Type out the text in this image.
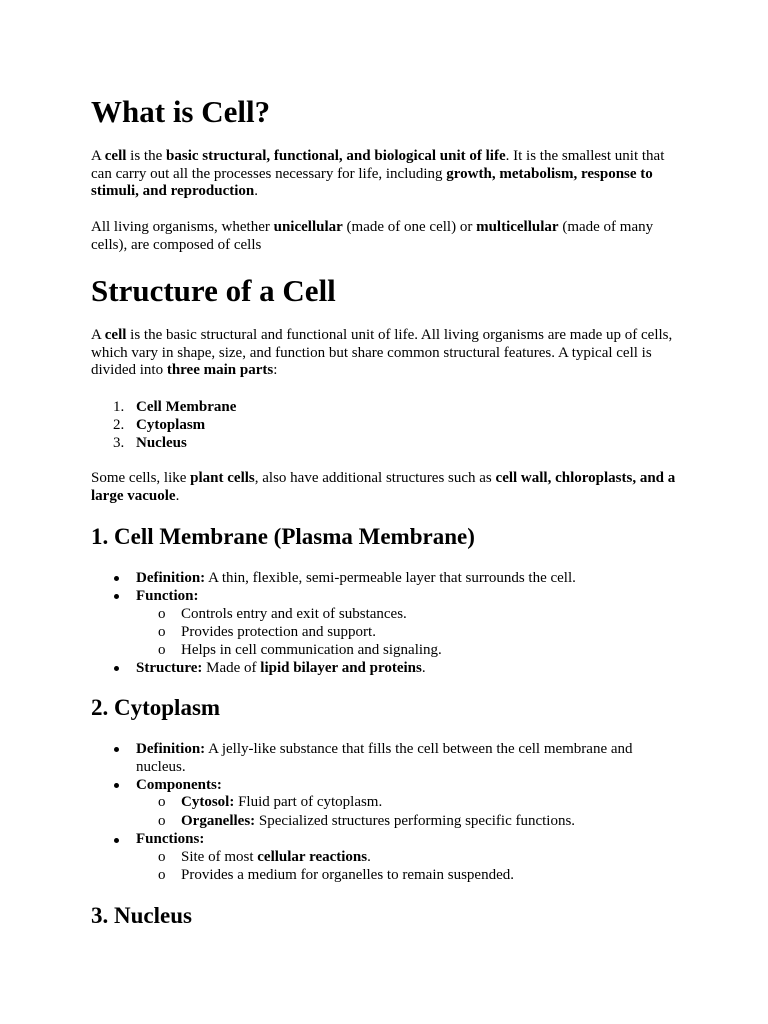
What is Cell?

A cell is the basic structural, functional, and biological unit of life. It is the smallest unit that can carry out all the processes necessary for life, including growth, metabolism, response to stimuli, and reproduction.

All living organisms, whether unicellular (made of one cell) or multicellular (made of many cells), are composed of cells

Structure of a Cell

A cell is the basic structural and functional unit of life. All living organisms are made up of cells, which vary in shape, size, and function but share common structural features. A typical cell is divided into three main parts:

1. Cell Membrane
2. Cytoplasm
3. Nucleus

Some cells, like plant cells, also have additional structures such as cell wall, chloroplasts, and a large vacuole.

1. Cell Membrane (Plasma Membrane)
Definition: A thin, flexible, semi-permeable layer that surrounds the cell.
Function:
o Controls entry and exit of substances.
o Provides protection and support.
o Helps in cell communication and signaling.
Structure: Made of lipid bilayer and proteins.
2. Cytoplasm
Definition: A jelly-like substance that fills the cell between the cell membrane and
nucleus.
Components:
o Cytosol: Fluid part of cytoplasm.
o Organelles: Specialized structures performing specific functions.
Functions:
o Site of most cellular reactions.
o Provides a medium for organelles to remain suspended.
3. Nucleus
